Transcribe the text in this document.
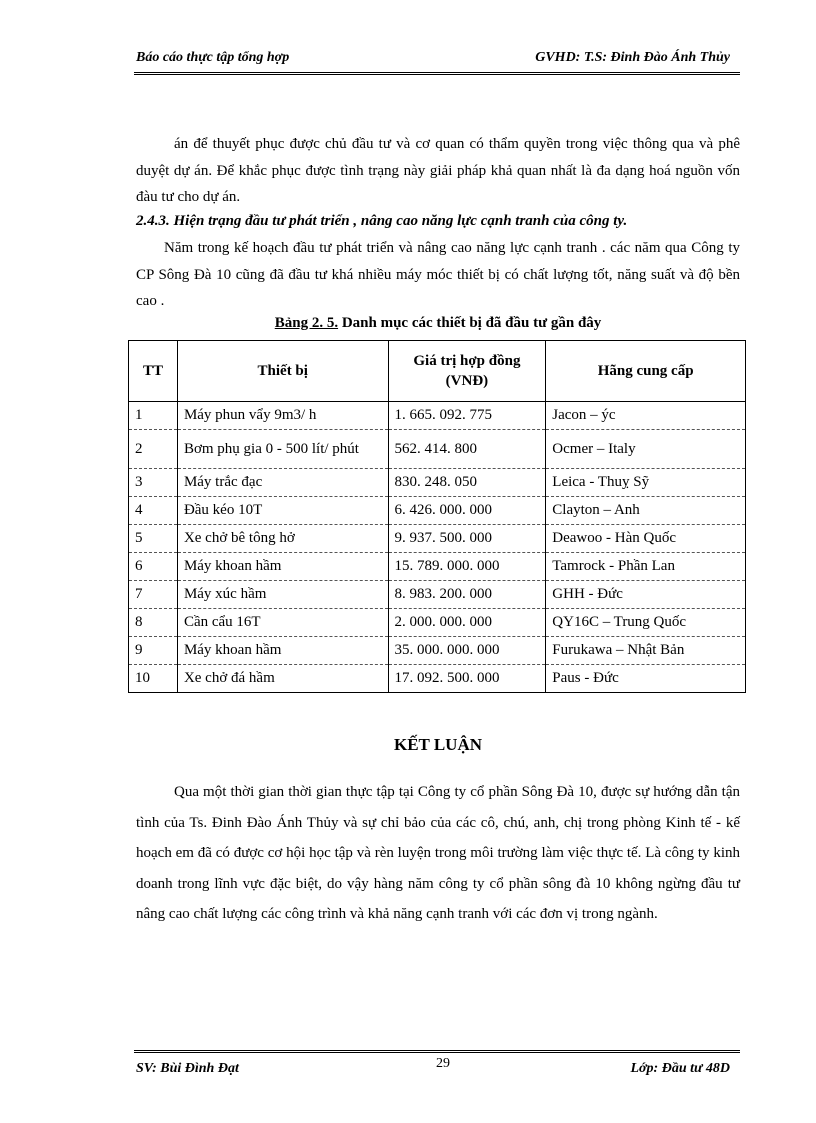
Báo cáo thực tập tổng hợp	GVHD: T.S: Đinh Đào Ánh Thủy

án để thuyết phục được chủ đầu tư và cơ quan có thẩm quyền trong việc thông qua và phê duyệt dự án. Để khắc phục được tình trạng này giải pháp khả quan nhất là đa dạng hoá nguồn vốn đàu tư cho dự án.

2.4.3. Hiện trạng đầu tư phát triển , nâng cao năng lực cạnh tranh của công ty.

Năm trong kế hoạch đầu tư phát triển và nâng cao năng lực cạnh tranh . các năm qua Công ty CP Sông Đà 10 cũng đã đầu tư khá nhiều máy móc thiết bị có chất lượng tốt, năng suất và độ bền cao .

Bảng 2. 5. Danh mục các thiết bị đã đầu tư gần đây

TT	Thiết bị	Giá trị hợp đồng (VNĐ)	Hãng cung cấp
1	Máy phun vẩy 9m3/ h	1. 665. 092. 775	Jacon – ýc
2	Bơm phụ gia 0 - 500 lít/ phút	562. 414. 800	Ocmer – Italy
3	Máy trắc đạc	830. 248. 050	Leica - Thuỵ Sỹ
4	Đầu kéo 10T	6. 426. 000. 000	Clayton – Anh
5	Xe chở bê tông hở	9. 937. 500. 000	Deawoo - Hàn Quốc
6	Máy khoan hầm	15. 789. 000. 000	Tamrock - Phần Lan
7	Máy xúc hầm	8. 983. 200. 000	GHH - Đức
8	Cần cẩu 16T	2. 000. 000. 000	QY16C – Trung Quốc
9	Máy khoan hầm	35. 000. 000. 000	Furukawa – Nhật Bản
10	Xe chở đá hầm	17. 092. 500. 000	Paus - Đức

KẾT LUẬN

Qua một thời gian thời gian thực tập tại Công ty cổ phần Sông Đà 10, được sự hướng dẫn tận tình của Ts. Đinh Đào Ánh Thủy và sự chỉ bảo của các cô, chú, anh, chị trong phòng Kinh tế - kế hoạch em đã có được cơ hội học tập và rèn luyện trong môi trường làm việc thực tế. Là công ty kinh doanh trong lĩnh vực đặc biệt, do vậy hàng năm công ty cổ phần sông đà 10 không ngừng đầu tư nâng cao chất lượng các công trình và khả năng cạnh tranh với các đơn vị trong ngành.

SV: Bùi Đình Đạt	29	Lớp: Đầu tư 48D
